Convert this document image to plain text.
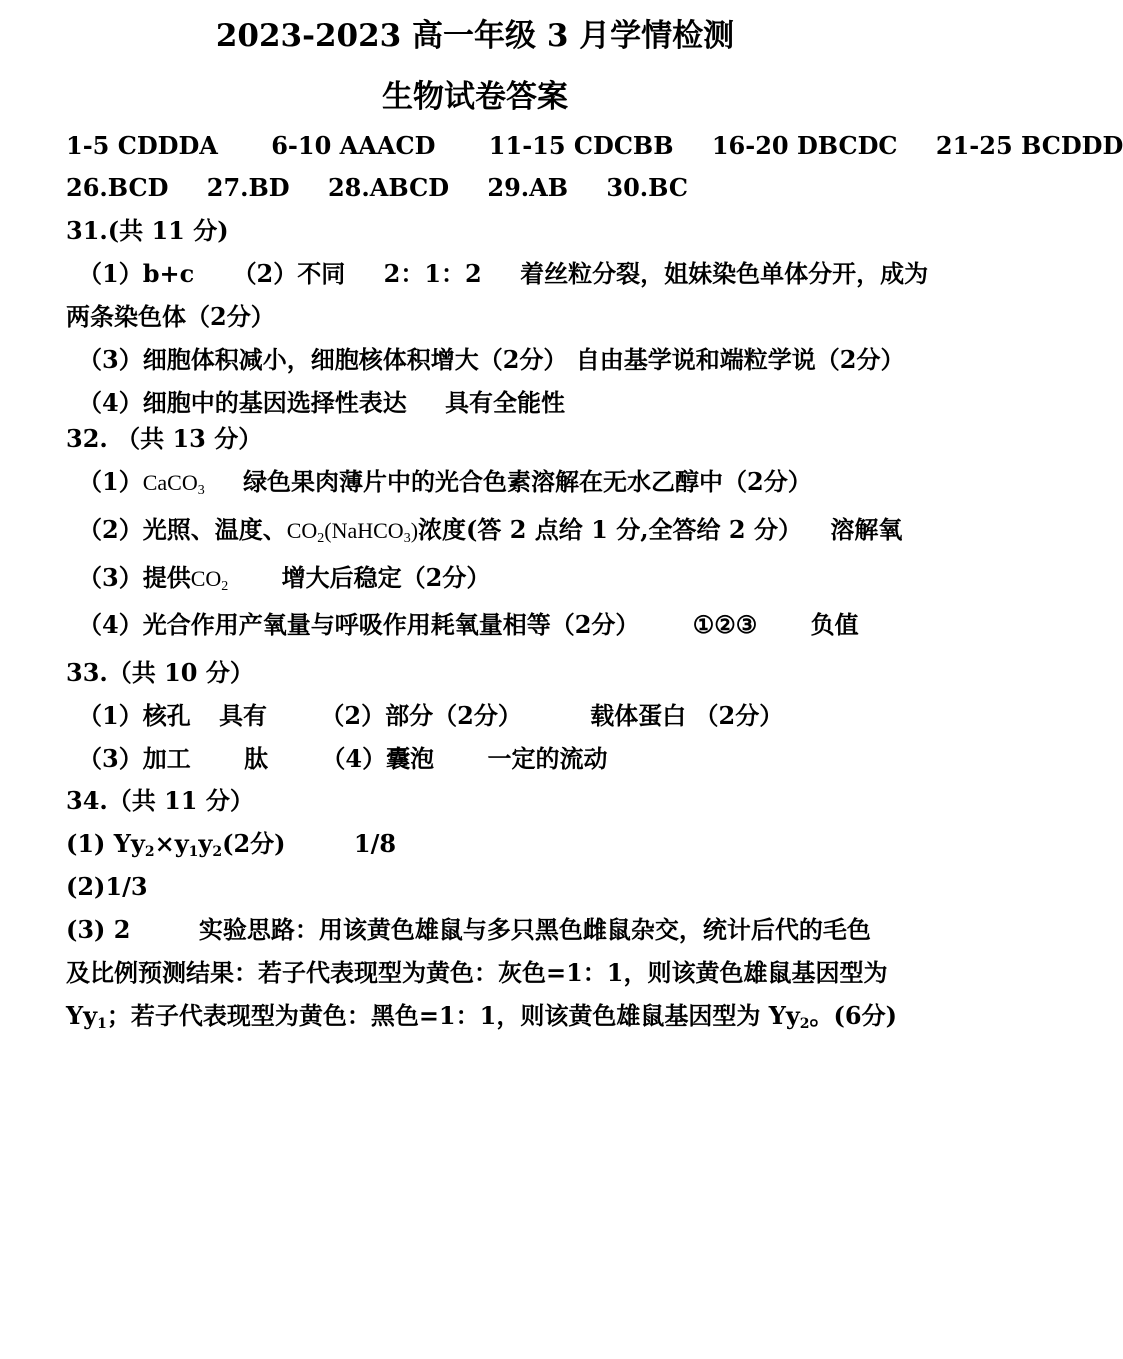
2023-2023 高一年级 3 月学情检测
生物试卷答案
1-5 CDDDA 6-10 AAACD 11-15 CDCBB 16-20 DBCDC 21-25 BCDDD
26.BCD 27.BD 28.ABCD 29.AB 30.BC
31.(共 11 分)
（1）b+c （2）不同 2：1：2 着丝粒分裂，姐妹染色单体分开，成为
两条染色体（2分）
（3）细胞体积减小，细胞核体积增大（2分） 自由基学说和端粒学说（2分）
（4）细胞中的基因选择性表达 具有全能性
32. （共 13 分）
（1）CaCO$_3$ 绿色果肉薄片中的光合色素溶解在无水乙醇中（2分）
（2）光照、温度、$CO_2(NaHCO_3)$浓度(答 2 点给 1 分,全答给 2 分） 溶解氧
（3）提供$CO_2$ 增大后稳定（2分）
（4）光合作用产氧量与呼吸作用耗氧量相等（2分） ①②③ 负值
33.（共 10 分）
（1）核孔 具有 （2）部分（2分）	载体蛋白 （2分）
（3）加工 肽 （4）囊泡 一定的流动
34.（共 11 分）
(1) $Yy_2\times y_1y_2(2$分)	1/8
(2)1/3
(3) 2	实验思路：用该黄色雄鼠与多只黑色雌鼠杂交，统计后代的毛色
及比例预测结果：若子代表现型为黄色：灰色=1：1，则该黄色雄鼠基因型为
$Yy_1$；若子代表现型为黄色：黑色=1：1，则该黄色雄鼠基因型为 $Yy_2$。(6分)
